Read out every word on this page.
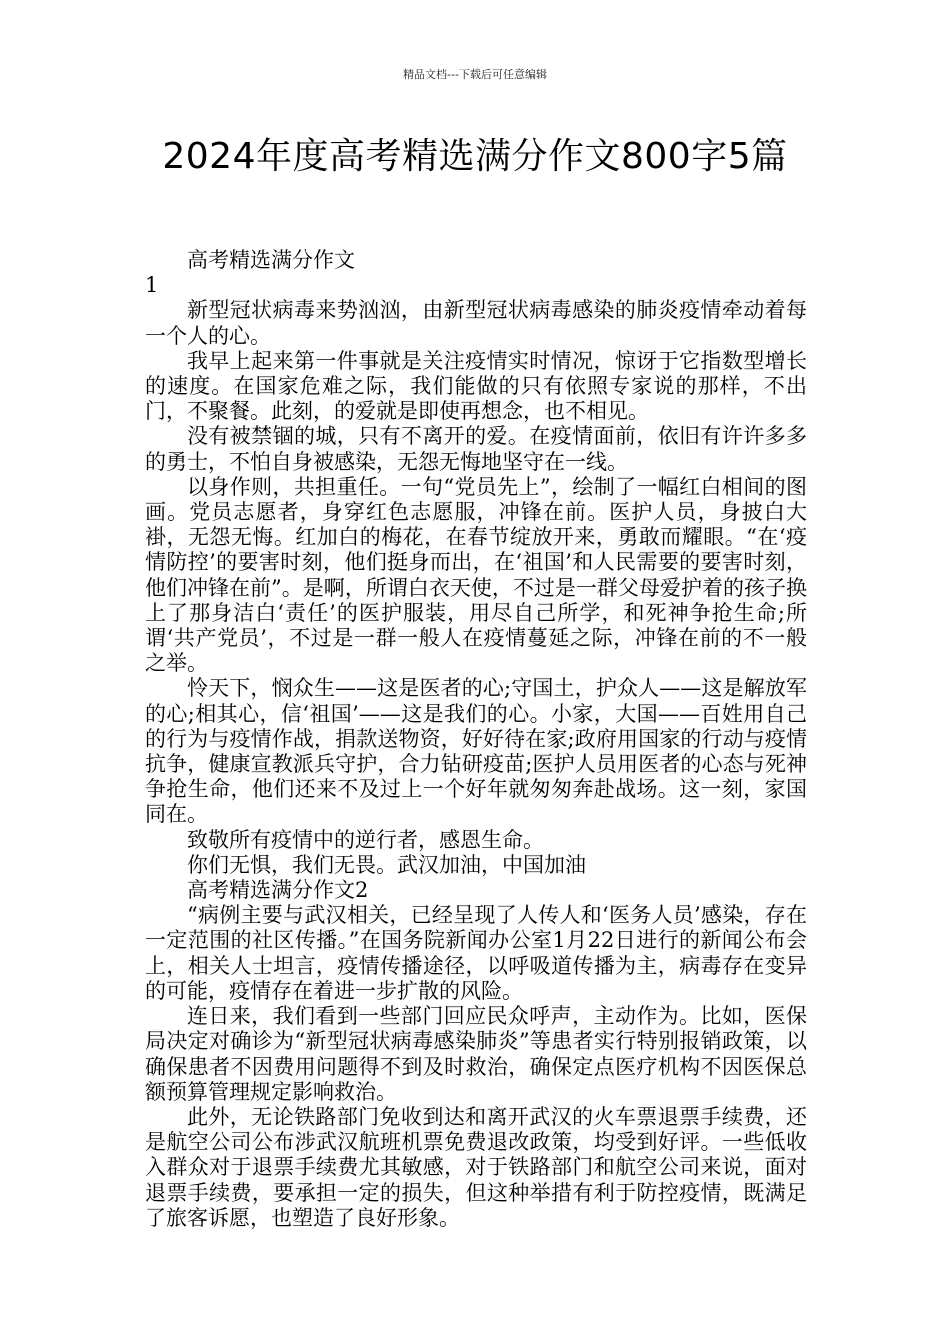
精品文档---下载后可任意编辑
2024年度高考精选满分作文800字5篇

高考精选满分作文

1

新型冠状病毒来势汹汹，由新型冠状病毒感染的肺炎疫情牵动着每一个人的心。

我早上起来第一件事就是关注疫情实时情况，惊讶于它指数型增长的速度。在国家危难之际，我们能做的只有依照专家说的那样，不出门，不聚餐。此刻，的爱就是即使再想念，也不相见。

没有被禁锢的城，只有不离开的爱。在疫情面前，依旧有许许多多的勇士，不怕自身被感染，无怨无悔地坚守在一线。

以身作则，共担重任。一句“党员先上”，绘制了一幅红白相间的图画。党员志愿者，身穿红色志愿服，冲锋在前。医护人员，身披白大褂，无怨无悔。红加白的梅花，在春节绽放开来，勇敢而耀眼。“在‘疫情防控’的要害时刻，他们挺身而出，在‘祖国’和人民需要的要害时刻，他们冲锋在前”。是啊，所谓白衣天使，不过是一群父母爱护着的孩子换上了那身洁白‘责任’的医护服装，用尽自己所学，和死神争抢生命;所谓‘共产党员’，不过是一群一般人在疫情蔓延之际，冲锋在前的不一般之举。

怜天下，悯众生——这是医者的心;守国土，护众人——这是解放军的心;相其心，信‘祖国’——这是我们的心。小家，大国——百姓用自己的行为与疫情作战，捐款送物资，好好待在家;政府用国家的行动与疫情抗争，健康宣教派兵守护，合力钻研疫苗;医护人员用医者的心态与死神争抢生命，他们还来不及过上一个好年就匆匆奔赴战场。这一刻，家国同在。

致敬所有疫情中的逆行者，感恩生命。

你们无惧，我们无畏。武汉加油，中国加油

高考精选满分作文2

“病例主要与武汉相关，已经呈现了人传人和‘医务人员’感染，存在一定范围的社区传播。”在国务院新闻办公室1月22日进行的新闻公布会上，相关人士坦言，疫情传播途径，以呼吸道传播为主，病毒存在变异的可能，疫情存在着进一步扩散的风险。

连日来，我们看到一些部门回应民众呼声，主动作为。比如，医保局决定对确诊为“新型冠状病毒感染肺炎”等患者实行特别报销政策，以确保患者不因费用问题得不到及时救治，确保定点医疗机构不因医保总额预算管理规定影响救治。

此外，无论铁路部门免收到达和离开武汉的火车票退票手续费，还是航空公司公布涉武汉航班机票免费退改政策，均受到好评。一些低收入群众对于退票手续费尤其敏感，对于铁路部门和航空公司来说，面对退票手续费，要承担一定的损失，但这种举措有利于防控疫情，既满足了旅客诉愿，也塑造了良好形象。
